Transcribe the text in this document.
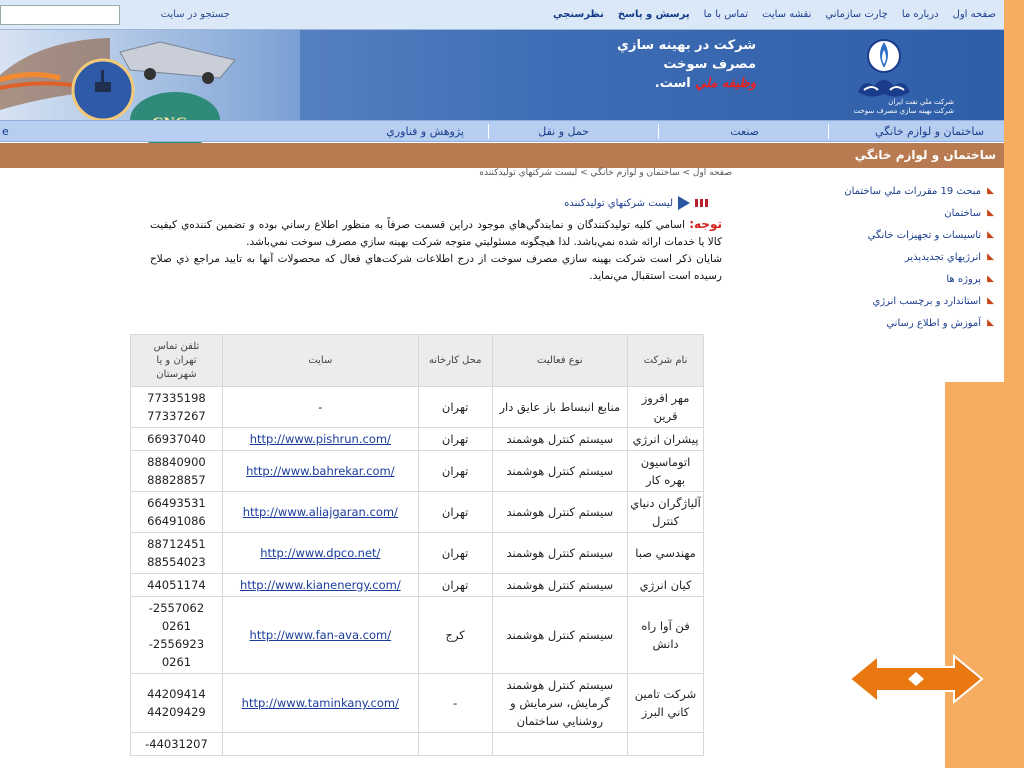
صفحه اول
درباره ما
چارت سازماني
نقشه سايت
تماس با ما
پرسش و پاسخ
نظرسنجي
جستجو در سايت
شرکت در بهينه سازي
مصرف سوخت
وظيفه ملي است.
شرکت ملي نفت ايران
شرکت بهينه سازي مصرف سوخت
ساختمان و لوازم خانگي
صنعت
حمل و نقل
پژوهش و فناوري
e
ساختمان و لوازم خانگي
صفحه اول > ساختمان و لوازم خانگي > ليست شرکتهاي توليدکننده
◣
مبحث 19 مقررات ملي ساختمان
◣
ساختمان
◣
تاسيسات و تجهيزات خانگي
◣
انرژيهاي تجديدپذير
◣
پروژه ها
◣
استاندارد و برچسب انرژي
◣
آموزش و اطلاع رساني
ليست شرکتهاي توليدکننده
توجه: اسامي کليه توليدکنندگان و نمايندگي‌هاي موجود دراين قسمت صرفاً به منظور اطلاع رساني بوده و تضمين کننده‌ي کيفيت کالا يا خدمات ارائه شده نمي‌باشد. لذا هيچگونه مسئوليتي متوجه شرکت بهينه سازي مصرف سوخت نمي‌باشد.
شايان ذکر است شرکت بهينه سازي مصرف سوخت از درج اطلاعات شرکت‌هاي فعال که محصولات آنها به تاييد مراجع ذي صلاح رسيده است استقبال مي‌نمايد.
نام شرکت	نوع فعاليت	محل کارخانه	سايت	تلفن تماس
تهران و يا
شهرستان

مهر افروز قرين	منابع انبساط باز عايق دار	تهران	-	77335198
77337267
پيشران انرژي	سيستم کنترل هوشمند	تهران	http://www.pishrun.com/	66937040
اتوماسيون بهره کار	سيستم کنترل هوشمند	تهران	http://www.bahrekar.com/	88840900
88828857
آليا‌ژگران دنياي کنترل	سيستم کنترل هوشمند	تهران	http://www.aliajgaran.com/	66493531
66491086
مهندسي صبا	سيستم کنترل هوشمند	تهران	http://www.dpco.net/	88712451
88554023
کيان انرژي	سيستم کنترل هوشمند	تهران	http://www.kianenergy.com/	44051174
فن آوا راه دانش	سيستم کنترل هوشمند	کرج	http://www.fan-ava.com/	-2557062
0261
-2556923
0261
شرکت تامين کاني البرز	سيستم کنترل هوشمند گرمايش، سرمايش و روشنايي ساختمان	-	http://www.taminkany.com/	44209414
44209429
				-44031207
